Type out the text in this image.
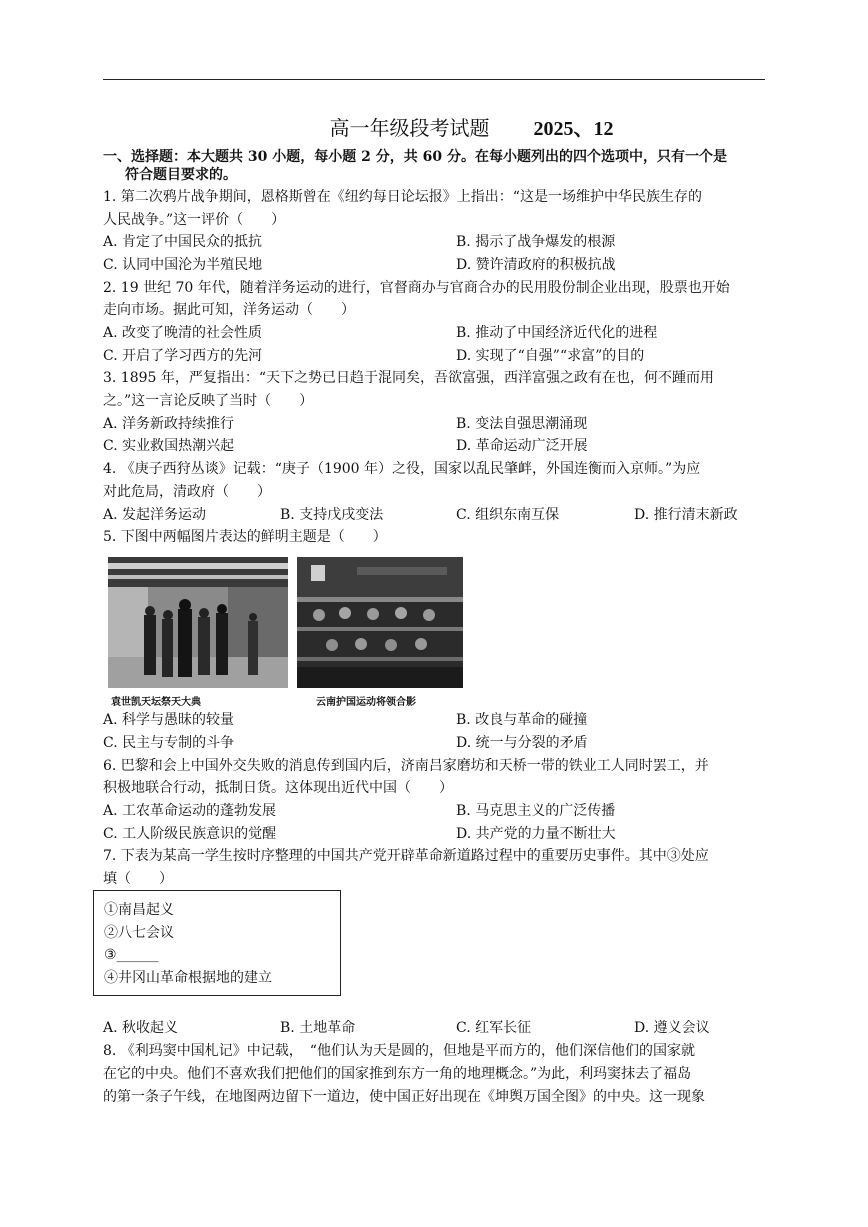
高一年级段考试题 2025、12
一、选择题：本大题共 30 小题，每小题 2 分，共 60 分。在每小题列出的四个选项中，只有一个是
符合题目要求的。
1. 第二次鸦片战争期间，恩格斯曾在《纽约每日论坛报》上指出：“这是一场维护中华民族生存的
人民战争。”这一评价（　　）
A. 肯定了中国民众的抵抗	B. 揭示了战争爆发的根源
C. 认同中国沦为半殖民地	D. 赞许清政府的积极抗战
2. 19 世纪 70 年代，随着洋务运动的进行，官督商办与官商合办的民用股份制企业出现，股票也开始
走向市场。据此可知，洋务运动（　　）
A. 改变了晚清的社会性质	B. 推动了中国经济近代化的进程
C. 开启了学习西方的先河	D. 实现了“自强”“求富”的目的
3. 1895 年，严复指出：“天下之势已日趋于混同矣，吾欲富强，西洋富强之政有在也，何不踵而用
之。”这一言论反映了当时（　　）
A. 洋务新政持续推行	B. 变法自强思潮涌现
C. 实业救国热潮兴起	D. 革命运动广泛开展
4. 《庚子西狩丛谈》记载：“庚子（1900 年）之役，国家以乱民肇衅，外国连衡而入京师。”为应
对此危局，清政府（　　）
A. 发起洋务运动	B. 支持戊戌变法	C. 组织东南互保	D. 推行清末新政
5. 下图中两幅图片表达的鲜明主题是（　　）
袁世凯天坛祭天大典	云南护国运动将领合影
A. 科学与愚昧的较量	B. 改良与革命的碰撞
C. 民主与专制的斗争	D. 统一与分裂的矛盾
6. 巴黎和会上中国外交失败的消息传到国内后，济南吕家磨坊和天桥一带的铁业工人同时罢工，并
积极地联合行动，抵制日货。这体现出近代中国（　　）
A. 工农革命运动的蓬勃发展	B. 马克思主义的广泛传播
C. 工人阶级民族意识的觉醒	D. 共产党的力量不断壮大
7. 下表为某高一学生按时序整理的中国共产党开辟革命新道路过程中的重要历史事件。其中③处应
填（　　）
①南昌起义
②八七会议
③______
④井冈山革命根据地的建立
A. 秋收起义	B. 土地革命	C. 红军长征	D. 遵义会议
8. 《利玛窦中国札记》中记载，　“他们认为天是圆的，但地是平而方的，他们深信他们的国家就
在它的中央。他们不喜欢我们把他们的国家推到东方一角的地理概念。”为此，利玛窦抹去了福岛
的第一条子午线，在地图两边留下一道边，使中国正好出现在《坤舆万国全图》的中央。这一现象
